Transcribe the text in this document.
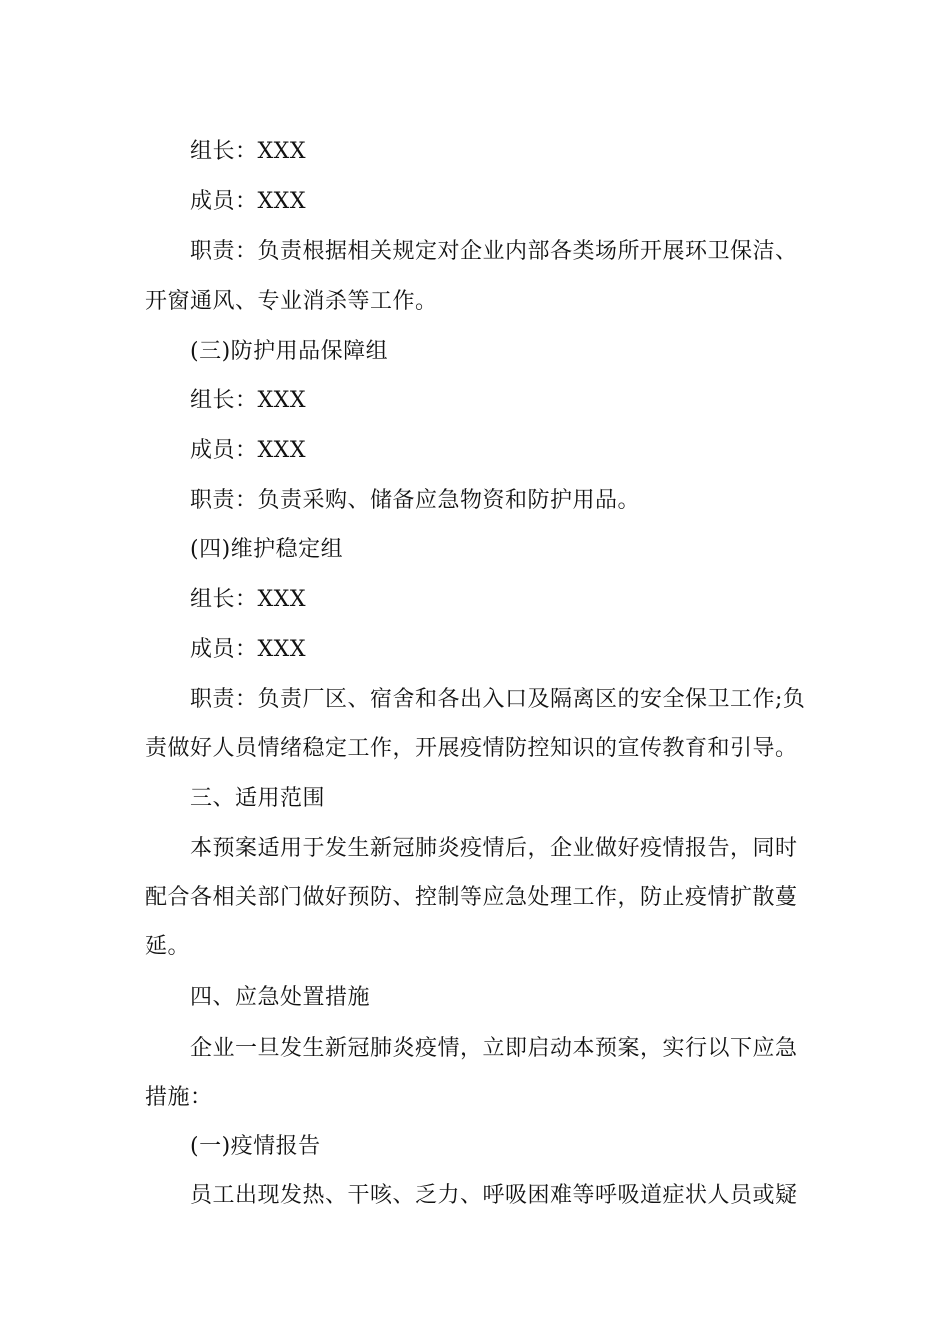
组长：XXX
成员：XXX
职责：负责根据相关规定对企业内部各类场所开展环卫保洁、
开窗通风、专业消杀等工作。
(三)防护用品保障组
组长：XXX
成员：XXX
职责：负责采购、储备应急物资和防护用品。
(四)维护稳定组
组长：XXX
成员：XXX
职责：负责厂区、宿舍和各出入口及隔离区的安全保卫工作;负
责做好人员情绪稳定工作，开展疫情防控知识的宣传教育和引导。
三、适用范围
本预案适用于发生新冠肺炎疫情后，企业做好疫情报告，同时
配合各相关部门做好预防、控制等应急处理工作，防止疫情扩散蔓
延。
四、应急处置措施
企业一旦发生新冠肺炎疫情，立即启动本预案，实行以下应急
措施：
(一)疫情报告
员工出现发热、干咳、乏力、呼吸困难等呼吸道症状人员或疑
